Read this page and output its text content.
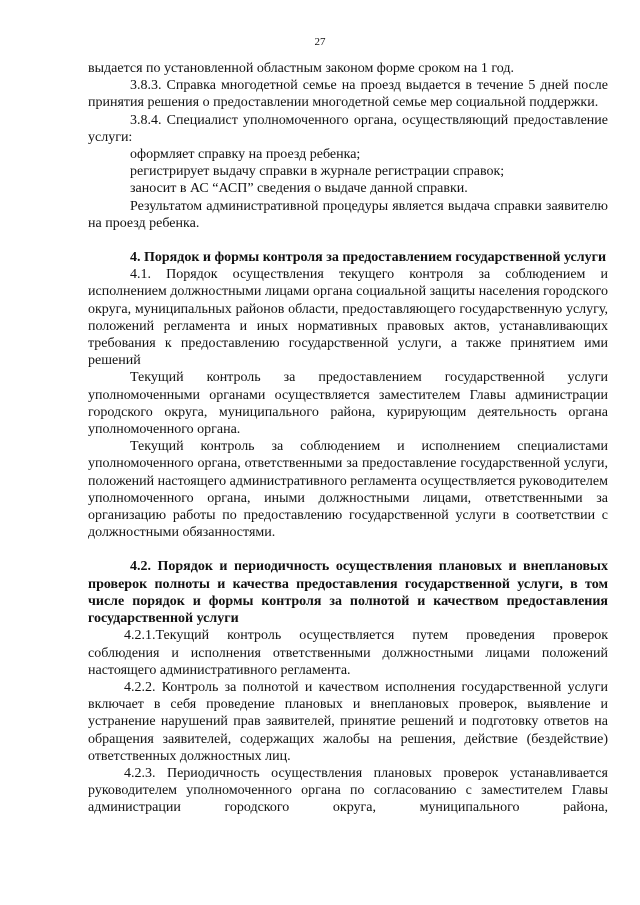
27

выдается по установленной областным законом форме сроком на 1 год.

3.8.3. Справка многодетной семье на проезд выдается в течение 5 дней после принятия решения о предоставлении многодетной семье мер социальной поддержки.

3.8.4. Специалист уполномоченного органа, осуществляющий предоставление услуги:

оформляет справку на проезд ребенка;

регистрирует выдачу справки в журнале регистрации справок;

заносит в АС “АСП” сведения о выдаче данной справки.

Результатом административной процедуры является выдача справки заявителю на проезд ребенка.

4. Порядок и формы контроля за предоставлением государственной услуги

4.1. Порядок осуществления текущего контроля за соблюдением и исполнением должностными лицами органа социальной защиты населения городского округа, муниципальных районов области, предоставляющего государственную услугу, положений регламента и иных нормативных правовых актов, устанавливающих требования к предоставлению государственной услуги, а также принятием ими решений

Текущий контроль за предоставлением государственной услуги уполномоченными органами осуществляется заместителем Главы администрации городского округа, муниципального района, курирующим деятельность органа уполномоченного органа.

Текущий контроль за соблюдением и исполнением специалистами уполномоченного органа, ответственными за предоставление государственной услуги, положений настоящего административного регламента осуществляется руководителем уполномоченного органа, иными должностными лицами, ответственными за организацию работы по предоставлению государственной услуги в соответствии с должностными обязанностями.

4.2. Порядок и периодичность осуществления плановых и внеплановых проверок полноты и качества предоставления государственной услуги, в том числе порядок и формы контроля за полнотой и качеством предоставления государственной услуги

4.2.1.Текущий контроль осуществляется путем проведения проверок соблюдения и исполнения ответственными должностными лицами положений настоящего административного регламента.

4.2.2. Контроль за полнотой и качеством исполнения государственной услуги включает в себя проведение плановых и внеплановых проверок, выявление и устранение нарушений прав заявителей, принятие решений и подготовку ответов на обращения заявителей, содержащих жалобы на решения, действие (бездействие) ответственных должностных лиц.

4.2.3. Периодичность осуществления плановых проверок устанавливается руководителем уполномоченного органа по согласованию с заместителем Главы администрации городского округа, муниципального района,
